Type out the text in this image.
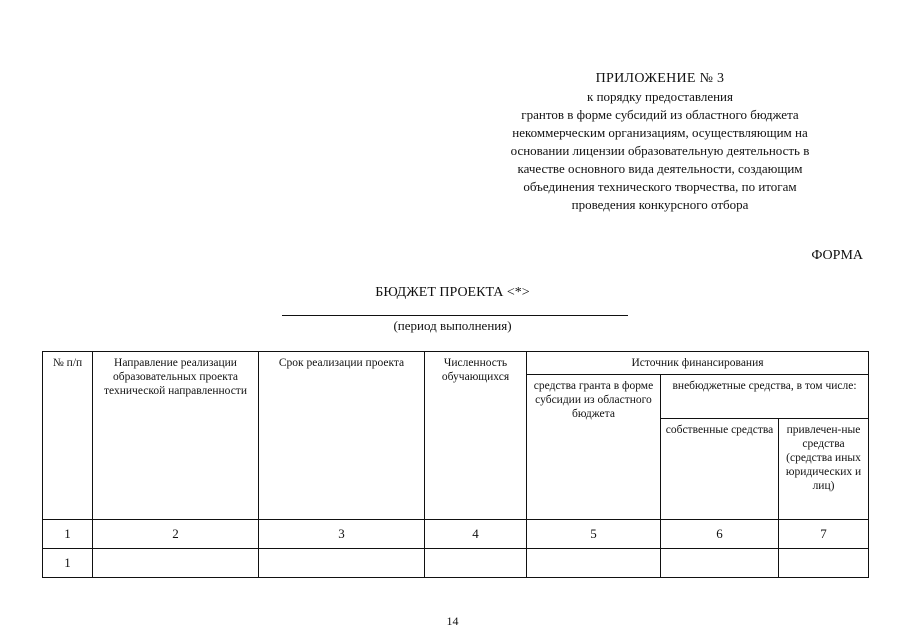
ПРИЛОЖЕНИЕ № 3
к порядку предоставления
грантов в форме субсидий из областного бюджета
некоммерческим организациям, осуществляющим на
основании лицензии образовательную деятельность в
качестве основного вида деятельности, создающим
объединения технического творчества, по итогам
проведения конкурсного отбора
ФОРМА
БЮДЖЕТ ПРОЕКТА <*>
(период выполнения)
№ п/п	Направление реализации образовательных проекта технической направленности	Срок реализации проекта	Численность обучающихся	Источник финансирования		
				средства гранта в форме субсидии из областного бюджета	внебюджетные средства, в том числе:	
					собственные средства	привлечен-ные средства (средства иных юридических и лиц)
1	2	3	4	5	6	7
1						
14
